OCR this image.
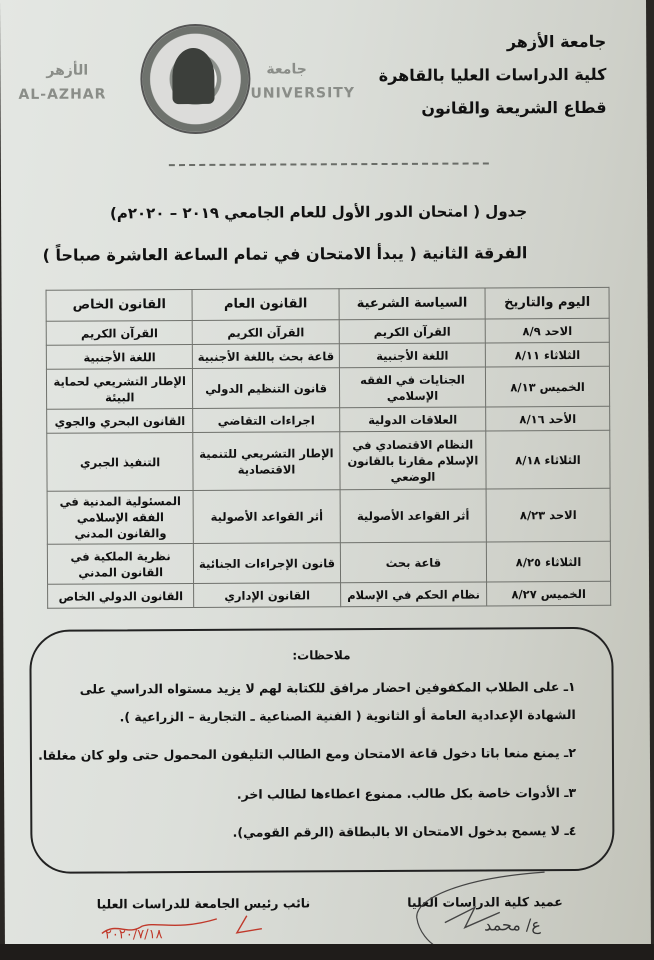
الأزهر
AL-AZHAR
جامعة
UNIVERSITY
جامعة الأزهر
كلية الدراسات العليا بالقاهرة
قطاع الشريعة والقانون
جدول ( امتحان الدور الأول للعام الجامعي ٢٠١٩ – ٢٠٢٠م)
الفرقة الثانية ( يبدأ الامتحان في تمام الساعة العاشرة صباحاً )
اليوم والتاريخ	السياسة الشرعية	القانون العام	القانون الخاص
الاحد ٨/٩	القرآن الكريم	القرآن الكريم	القرآن الكريم
الثلاثاء ٨/١١	اللغة الأجنبية	قاعة بحث باللغة الأجنبية	اللغة الأجنبية
الخميس ٨/١٣	الجنايات في الفقه الإسلامي	قانون التنظيم الدولي	الإطار التشريعي لحماية البيئة
الأحد ٨/١٦	العلاقات الدولية	اجراءات التقاضي	القانون البحري والجوي
الثلاثاء ٨/١٨	النظام الاقتصادي في الإسلام مقارنا بالقانون الوضعي	الإطار التشريعي للتنمية الاقتصادية	التنفيذ الجبري
الاحد ٨/٢٣	أثر القواعد الأصولية	أثر القواعد الأصولية	المسئولية المدنية في الفقه الإسلامي والقانون المدني
الثلاثاء ٨/٢٥	قاعة بحث	قانون الإجراءات الجنائية	نظرية الملكية في القانون المدني
الخميس ٨/٢٧	نظام الحكم في الإسلام	القانون الإداري	القانون الدولي الخاص
ملاحظات:
١ـ على الطلاب المكفوفين احضار مرافق للكتابة لهم لا يزيد مستواه الدراسي على الشهادة الإعدادية العامة أو الثانوية ( الفنية الصناعية ـ التجارية – الزراعية ).
٢ـ يمنع منعا باتا دخول قاعة الامتحان ومع الطالب التليفون المحمول حتى ولو كان مغلقا.
٣ـ الأدوات خاصة بكل طالب. ممنوع اعطاءها لطالب اخر.
٤ـ لا يسمح بدخول الامتحان الا بالبطاقة (الرقم القومي).
عميد كلية الدراسات العليا
ع/ محمد
نائب رئيس الجامعة للدراسات العليا
٢٠٢٠/٧/١٨
